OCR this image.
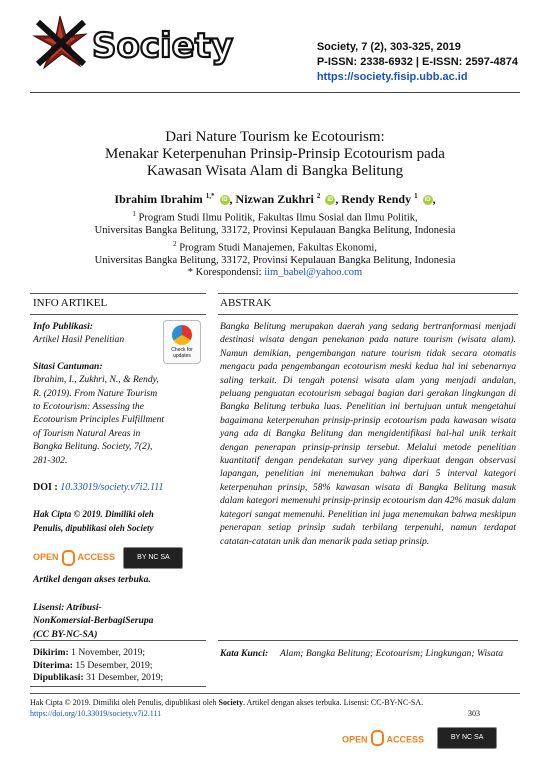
Society	Society, 7 (2), 303-325, 2019
P-ISSN: 2338-6932 | E-ISSN: 2597-4874
https://society.fisip.ubb.ac.id
Dari Nature Tourism ke Ecotourism:
Menakar Keterpenuhan Prinsip-Prinsip Ecotourism pada
Kawasan Wisata Alam di Bangka Belitung
Ibrahim Ibrahim $^{1,*}$ iD , Nizwan Zukhri $^2$ iD , Rendy Rendy $^1$ iD ,
$^1$ Program Studi Ilmu Politik, Fakultas Ilmu Sosial dan Ilmu Politik,
Universitas Bangka Belitung, 33172, Provinsi Kepulauan Bangka Belitung, Indonesia
$^2$ Program Studi Manajemen, Fakultas Ekonomi,
Universitas Bangka Belitung, 33172, Provinsi Kepulauan Bangka Belitung, Indonesia
* Korespondensi: iim_babel@yahoo.com
INFO ARTIKEL	ABSTRAK
Info Publikasi:
Artikel Hasil Penelitian
Sitasi Cantuman:
Ibrahim, I., Zukhri, N., & Rendy,
R. (2019). From Nature Tourism
to Ecotourism: Assessing the
Ecotourism Principles Fulfillment
of Tourism Natural Areas in
Bangka Belitung. Society, 7(2),
281-302.
DOI : 10.33019/society.v7i2.111
Hak Cipta © 2019. Dimiliki oleh
Penulis, dipublikasi oleh Society
OPEN ACCESS	BY NC SA
Artikel dengan akses terbuka.
Lisensi: Atribusi-
NonKomersial-BerbagiSerupa
(CC BY-NC-SA)
Check for updates
Dikirim: 1 November, 2019;
Diterima: 15 Desember, 2019;
Dipublikasi: 31 Desember, 2019;
Bangka Belitung merupakan daerah yang sedang bertranformasi menjadi destinasi wisata dengan penekanan pada nature tourism (wisata alam). Namun demikian, pengembangan nature tourism tidak secara otomatis mengacu pada pengembangan ecotourism meski kedua hal ini sebenarnya saling terkait. Di tengah potensi wisata alam yang menjadi andalan, peluang penguatan ecotourism sebagai bagian dari gerakan lingkungan di Bangka Belitung terbuka luas. Penelitian ini bertujuan untuk mengetahui bagaimana keterpenuhan prinsip-prinsip ecotourism pada kawasan wisata yang ada di Bangka Belitung dan mengidentifikasi hal-hal unik terkait dengan penerapan prinsip-prinsip tersebut. Melalui metode penelitian kuantitatif dengan pendekatan survey yang diperkuat dengan observasi lapangan, penelitian ini menemukan bahwa dari 5 interval kategori keterpenuhan prinsip, 58% kawasan wisata di Bangka Belitung masuk dalam kategori memenuhi prinsip-prinsip ecotourism dan 42% masuk dalam kategori sangat memenuhi. Penelitian ini juga menemukan bahwa meskipun penerapan setiap prinsip sudah terbilang terpenuhi, namun terdapat catatan-catatan unik dan menarik pada setiap prinsip.
Kata Kunci:	Alam; Bangka Belitung; Ecotourism; Lingkungan; Wisata
Hak Cipta © 2019. Dimiliki oleh Penulis, dipublikasi oleh Society. Artikel dengan akses terbuka. Lisensi: CC-BY-NC-SA.
https://doi.org/10.33019/society.v7i2.111	303
OPEN ACCESS	BY NC SA
